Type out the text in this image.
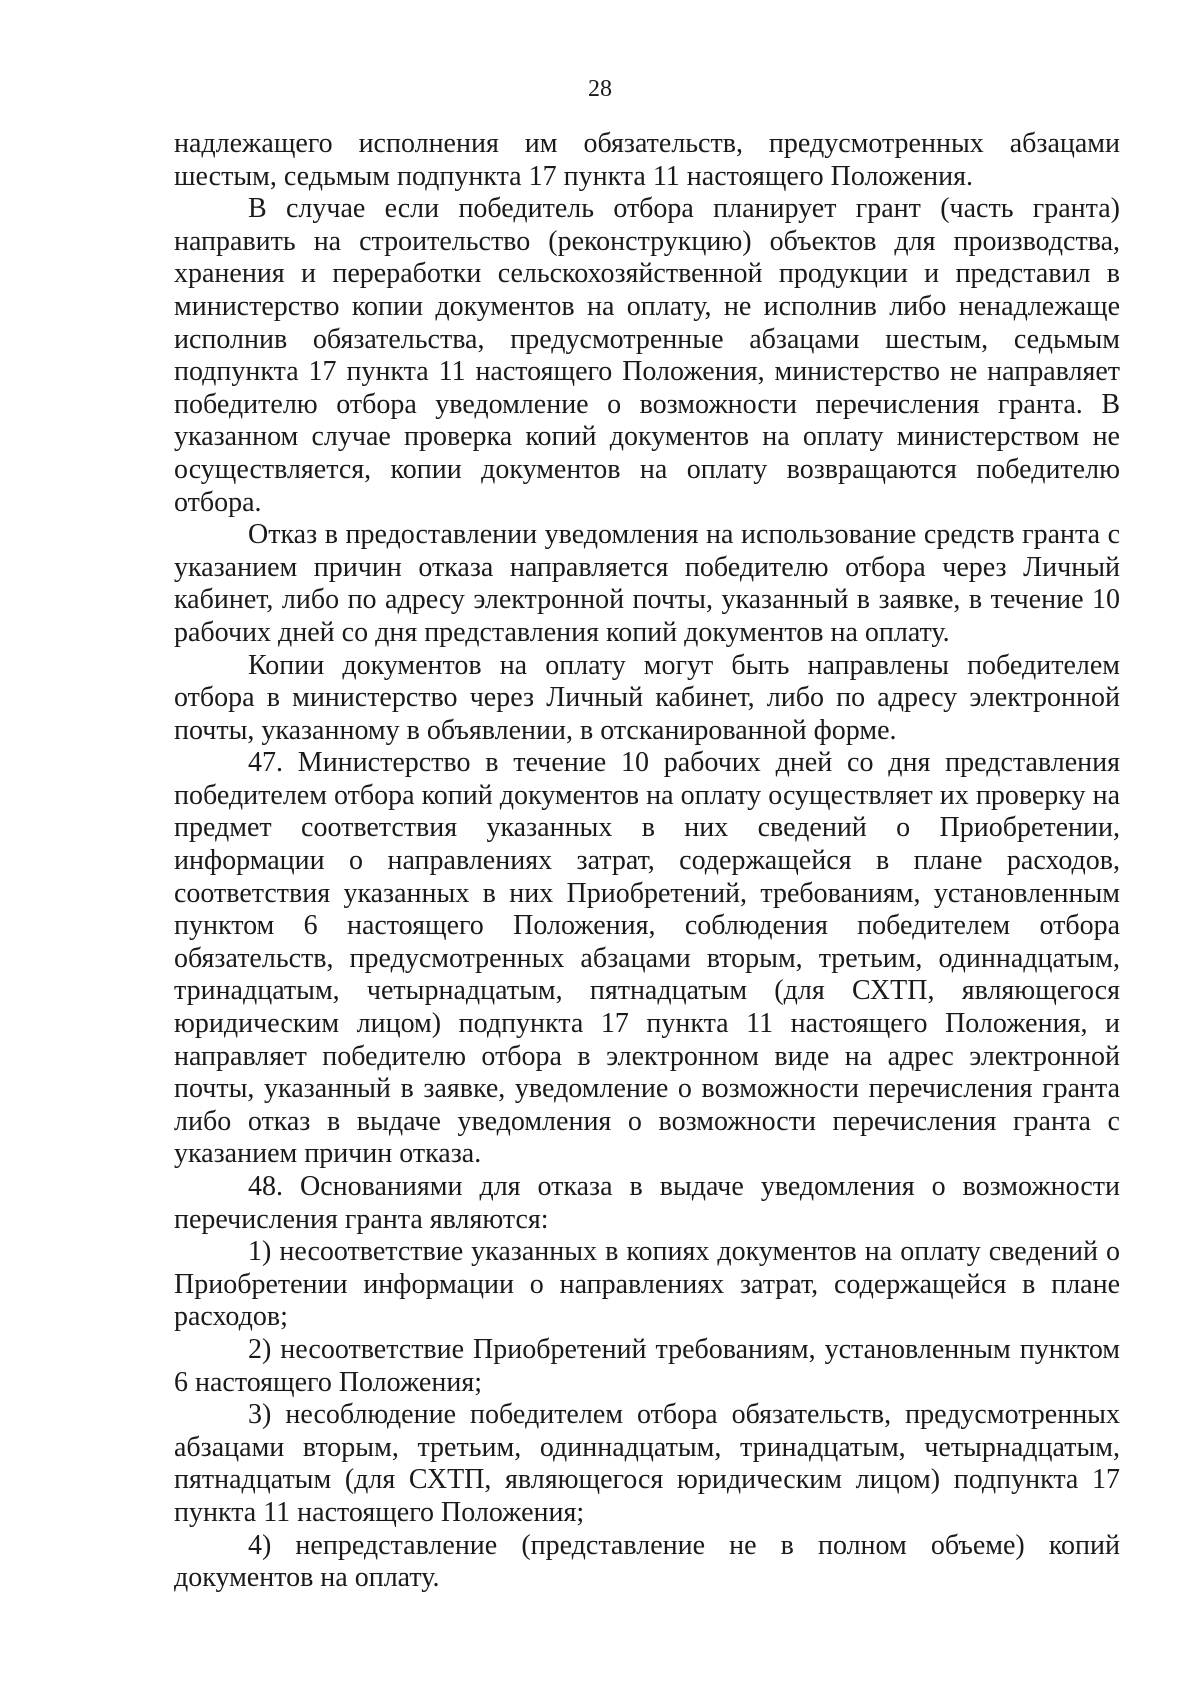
28

надлежащего исполнения им обязательств, предусмотренных абзацами шестым, седьмым подпункта 17 пункта 11 настоящего Положения.

В случае если победитель отбора планирует грант (часть гранта) направить на строительство (реконструкцию) объектов для производства, хранения и переработки сельскохозяйственной продукции и представил в министерство копии документов на оплату, не исполнив либо ненадлежаще исполнив обязательства, предусмотренные абзацами шестым, седьмым подпункта 17 пункта 11 настоящего Положения, министерство не направляет победителю отбора уведомление о возможности перечисления гранта. В указанном случае проверка копий документов на оплату министерством не осуществляется, копии документов на оплату возвращаются победителю отбора.

Отказ в предоставлении уведомления на использование средств гранта с указанием причин отказа направляется победителю отбора через Личный кабинет, либо по адресу электронной почты, указанный в заявке, в течение 10 рабочих дней со дня представления копий документов на оплату.

Копии документов на оплату могут быть направлены победителем отбора в министерство через Личный кабинет, либо по адресу электронной почты, указанному в объявлении, в отсканированной форме.

47. Министерство в течение 10 рабочих дней со дня представления победителем отбора копий документов на оплату осуществляет их проверку на предмет соответствия указанных в них сведений о Приобретении, информации о направлениях затрат, содержащейся в плане расходов, соответствия указанных в них Приобретений, требованиям, установленным пунктом 6 настоящего Положения, соблюдения победителем отбора обязательств, предусмотренных абзацами вторым, третьим, одиннадцатым, тринадцатым, четырнадцатым, пятнадцатым (для СХТП, являющегося юридическим лицом) подпункта 17 пункта 11 настоящего Положения, и направляет победителю отбора в электронном виде на адрес электронной почты, указанный в заявке, уведомление о возможности перечисления гранта либо отказ в выдаче уведомления о возможности перечисления гранта с указанием причин отказа.

48. Основаниями для отказа в выдаче уведомления о возможности перечисления гранта являются:

1) несоответствие указанных в копиях документов на оплату сведений о Приобретении информации о направлениях затрат, содержащейся в плане расходов;

2) несоответствие Приобретений требованиям, установленным пунктом 6 настоящего Положения;

3) несоблюдение победителем отбора обязательств, предусмотренных абзацами вторым, третьим, одиннадцатым, тринадцатым, четырнадцатым, пятнадцатым (для СХТП, являющегося юридическим лицом) подпункта 17 пункта 11 настоящего Положения;

4) непредставление (представление не в полном объеме) копий документов на оплату.
